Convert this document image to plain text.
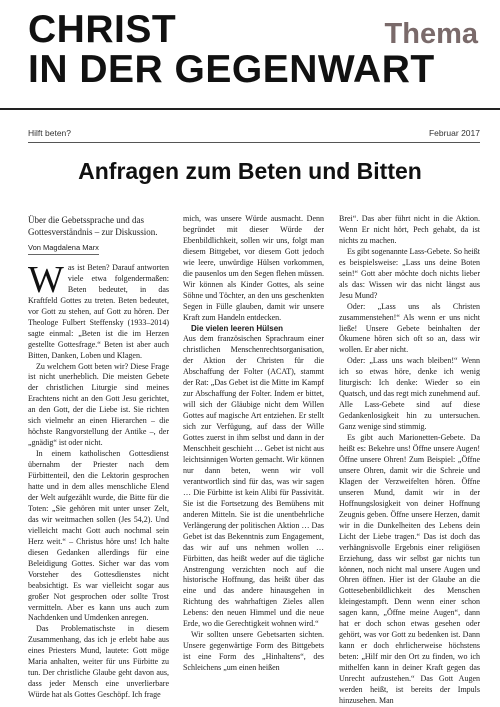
CHRIST
IN DER GEGENWART
Thema
Hilft beten?	Februar 2017
Anfragen zum Beten und Bitten

Über die Gebetssprache und das Gottesverständnis – zur Diskussion.

Von Magdalena Marx

Was ist Beten? Darauf antworten viele etwa folgendermaßen: Beten bedeutet, in das Kraftfeld Gottes zu treten. Beten bedeutet, vor Gott zu stehen, auf Gott zu hören. Der Theologe Fulbert Steffensky (1933–2014) sagte einmal: „Beten ist die im Herzen gestellte Gottesfrage.“ Beten ist aber auch Bitten, Danken, Loben und Klagen.

Zu welchem Gott beten wir? Diese Frage ist nicht unerheblich. Die meisten Gebete der christlichen Liturgie sind meines Erachtens nicht an den Gott Jesu gerichtet, an den Gott, der die Liebe ist. Sie richten sich vielmehr an einen Hierarchen – die höchste Rangvorstellung der Antike –, der „gnädig“ ist oder nicht.

In einem katholischen Gottesdienst übernahm der Priester nach dem Fürbittenteil, den die Lektorin gesprochen hatte und in dem alles menschliche Elend der Welt aufgezählt wurde, die Bitte für die Toten: „Sie gehören mit unter unser Zelt, das wir weitmachen sollen (Jes 54,2). Und vielleicht macht Gott auch nochmal sein Herz weit.“ – Christus höre uns! Ich halte diesen Gedanken allerdings für eine Beleidigung Gottes. Sicher war das vom Vorsteher des Gottesdienstes nicht beabsichtigt. Es war vielleicht sogar aus großer Not gesprochen oder sollte Trost vermitteln. Aber es kann uns auch zum Nachdenken und Umdenken anregen.

Das Problematischste in diesem Zusammenhang, das ich je erlebt habe aus eines Priesters Mund, lautete: Gott möge Maria anhalten, weiter für uns Fürbitte zu tun. Der christliche Glaube geht davon aus, dass jeder Mensch eine unverlierbare Würde hat als Gottes Geschöpf. Ich frage

mich, was unsere Würde ausmacht. Denn begründet mit dieser Würde der Ebenbildlichkeit, sollen wir uns, folgt man diesem Bittgebet, vor diesem Gott jedoch wie leere, unwürdige Hülsen vorkommen, die pausenlos um den Segen flehen müssen. Wir können als Kinder Gottes, als seine Söhne und Töchter, an den uns geschenkten Segen in Fülle glauben, damit wir unsere Kraft zum Handeln entdecken.

Die vielen leeren Hülsen

Aus dem französischen Sprachraum einer christlichen Menschenrechtsorganisation, der Aktion der Christen für die Abschaffung der Folter (ACAT), stammt der Rat: „Das Gebet ist die Mitte im Kampf zur Abschaffung der Folter. Indem er bittet, will sich der Gläubige nicht dem Willen Gottes auf magische Art entziehen. Er stellt sich zur Verfügung, auf dass der Wille Gottes zuerst in ihm selbst und dann in der Menschheit geschieht … Gebet ist nicht aus leichtsinnigen Worten gemacht. Wir können nur dann beten, wenn wir voll verantwortlich sind für das, was wir sagen … Die Fürbitte ist kein Alibi für Passivität. Sie ist die Fortsetzung des Bemühens mit anderen Mitteln. Sie ist die unentbehrliche Verlängerung der politischen Aktion … Das Gebet ist das Bekenntnis zum Engagement, das wir auf uns nehmen wollen … Fürbitten, das heißt weder auf die tägliche Anstrengung verzichten noch auf die historische Hoffnung, das heißt über das eine und das andere hinausgehen in Richtung des wahrhaftigen Zieles allen Lebens: den neuen Himmel und die neue Erde, wo die Gerechtigkeit wohnen wird.“

Wir sollten unsere Gebetsarten sichten. Unsere gegenwärtige Form des Bittgebets ist eine Form des „Hinhaltens“, des Schleichens „um einen heißen

Brei“. Das aber führt nicht in die Aktion. Wenn Er nicht hört, Pech gehabt, da ist nichts zu machen.

Es gibt sogenannte Lass-Gebete. So heißt es beispielsweise: „Lass uns deine Boten sein!“ Gott aber möchte doch nichts lieber als das: Wissen wir das nicht längst aus Jesu Mund?

Oder: „Lass uns als Christen zusammenstehen!“ Als wenn er uns nicht ließe! Unsere Gebete beinhalten der Ökumene hören sich oft so an, dass wir wollen. Er aber nicht.

Oder: „Lass uns wach bleiben!“ Wenn ich so etwas höre, denke ich wenig liturgisch: Ich denke: Wieder so ein Quatsch, und das regt mich zunehmend auf. Alle Lass-Gebete sind auf diese Gedankenlosigkeit hin zu untersuchen. Ganz wenige sind stimmig.

Es gibt auch Marionetten-Gebete. Da heißt es: Bekehre uns! Öffne unsere Augen! Öffne unsere Ohren! Zum Beispiel: „Öffne unsere Ohren, damit wir die Schreie und Klagen der Verzweifelten hören. Öffne unseren Mund, damit wir in der Hoffnungslosigkeit von deiner Hoffnung Zeugnis geben. Öffne unsere Herzen, damit wir in die Dunkelheiten des Lebens dein Licht der Liebe tragen.“ Das ist doch das verhängnisvolle Ergebnis einer religiösen Erziehung, dass wir selbst gar nichts tun können, noch nicht mal unsere Augen und Ohren öffnen. Hier ist der Glaube an die Gottesebenbildlichkeit des Menschen kleingestampft. Denn wenn einer schon sagen kann, „Öffne meine Augen“, dann hat er doch schon etwas gesehen oder gehört, was vor Gott zu bedenken ist. Dann kann er doch ehrlicherweise höchstens beten: „Hilf mir den Ort zu finden, wo ich mithelfen kann in deiner Kraft gegen das Unrecht aufzustehen.“ Das Gott Augen werden heißt, ist bereits der Impuls hinzusehen. Man
